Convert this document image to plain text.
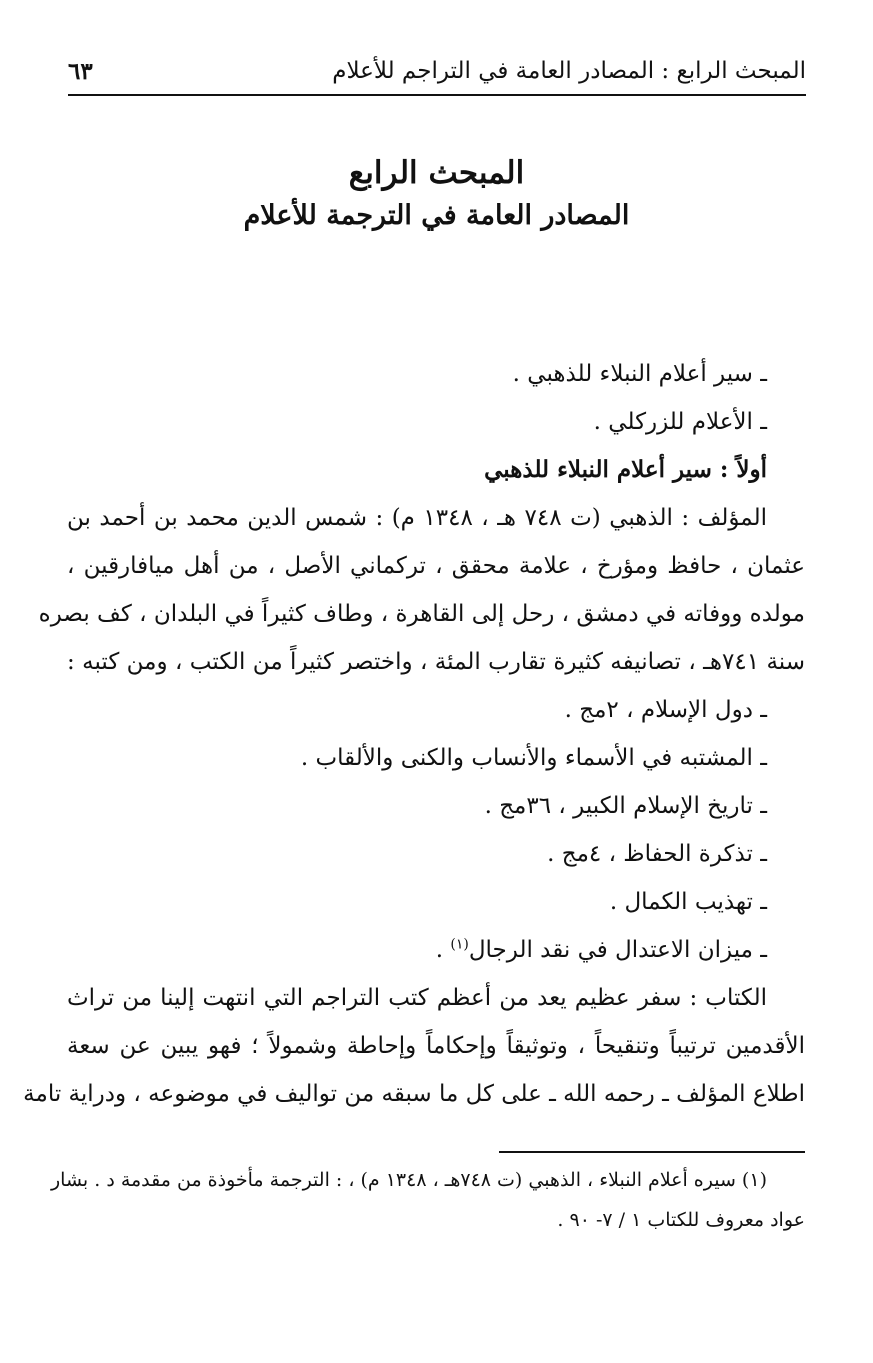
المبحث الرابع : المصادر العامة في التراجم للأعلام
٦٣
المبحث الرابع
المصادر العامة في الترجمة للأعلام
ـ سير أعلام النبلاء للذهبي .
ـ الأعلام للزركلي .
أولاً : سير أعلام النبلاء للذهبي
المؤلف : الذهبي (ت ٧٤٨ هـ ، ١٣٤٨ م) : شمس الدين محمد بن أحمد بن
عثمان ، حافظ ومؤرخ ، علامة محقق ، تركماني الأصل ، من أهل ميافارقين ،
مولده ووفاته في دمشق ، رحل إلى القاهرة ، وطاف كثيراً في البلدان ، كف بصره
سنة ٧٤١هـ ، تصانيفه كثيرة تقارب المئة ، واختصر كثيراً من الكتب ، ومن كتبه :
ـ دول الإسلام ، ٢مج .
ـ المشتبه في الأسماء والأنساب والكنى والألقاب .
ـ تاريخ الإسلام الكبير ، ٣٦مج .
ـ تذكرة الحفاظ ، ٤مج .
ـ تهذيب الكمال .
ـ ميزان الاعتدال في نقد الرجال$^{(١)}$ .
الكتاب : سفر عظيم يعد من أعظم كتب التراجم التي انتهت إلينا من تراث
الأقدمين ترتيباً وتنقيحاً ، وتوثيقاً وإحكاماً وإحاطة وشمولاً ؛ فهو يبين عن سعة
اطلاع المؤلف ـ رحمه الله ـ على كل ما سبقه من تواليف في موضوعه ، ودراية تامة
(١) سيره أعلام النبلاء ، الذهبي (ت ٧٤٨هـ ، ١٣٤٨ م) ، : الترجمة مأخوذة من مقدمة د . بشار
عواد معروف للكتاب ١ / ٧- ٩٠ .
